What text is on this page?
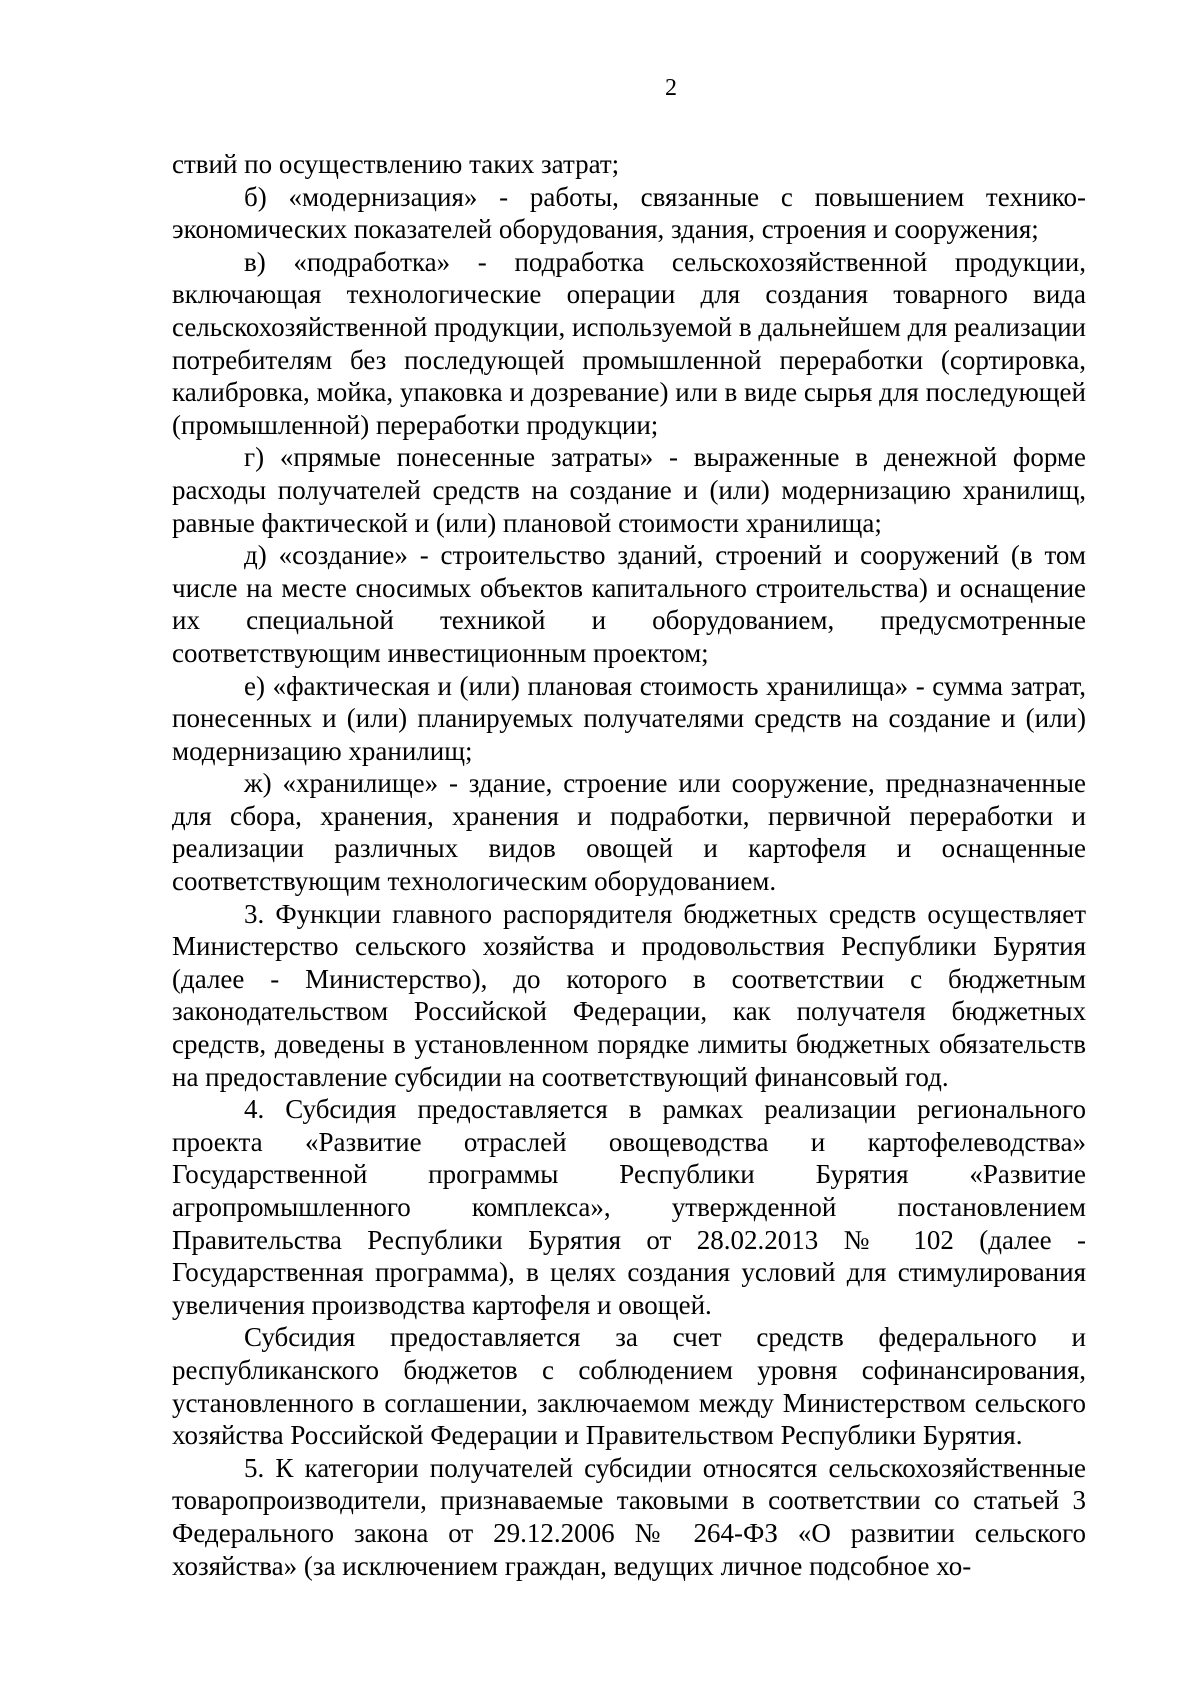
2

ствий по осуществлению таких затрат;

б) «модернизация» - работы, связанные с повышением технико-экономических показателей оборудования, здания, строения и сооружения;

в) «подработка» - подработка сельскохозяйственной продукции, включающая технологические операции для создания товарного вида сельскохозяйственной продукции, используемой в дальнейшем для реализации потребителям без последующей промышленной переработки (сортировка, калибровка, мойка, упаковка и дозревание) или в виде сырья для последующей (промышленной) переработки продукции;

г) «прямые понесенные затраты» - выраженные в денежной форме расходы получателей средств на создание и (или) модернизацию хранилищ, равные фактической и (или) плановой стоимости хранилища;

д) «создание» - строительство зданий, строений и сооружений (в том числе на месте сносимых объектов капитального строительства) и оснащение их специальной техникой и оборудованием, предусмотренные соответствующим инвестиционным проектом;

е) «фактическая и (или) плановая стоимость хранилища» - сумма затрат, понесенных и (или) планируемых получателями средств на создание и (или) модернизацию хранилищ;

ж) «хранилище» - здание, строение или сооружение, предназначенные для сбора, хранения, хранения и подработки, первичной переработки и реализации различных видов овощей и картофеля и оснащенные соответствующим технологическим оборудованием.

3. Функции главного распорядителя бюджетных средств осуществляет Министерство сельского хозяйства и продовольствия Республики Бурятия (далее - Министерство), до которого в соответствии с бюджетным законодательством Российской Федерации, как получателя бюджетных средств, доведены в установленном порядке лимиты бюджетных обязательств на предоставление субсидии на соответствующий финансовый год.

4. Субсидия предоставляется в рамках реализации регионального проекта «Развитие отраслей овощеводства и картофелеводства» Государственной программы Республики Бурятия «Развитие агропромышленного комплекса», утвержденной постановлением Правительства Республики Бурятия от 28.02.2013 № 102 (далее - Государственная программа), в целях создания условий для стимулирования увеличения производства картофеля и овощей.

Субсидия предоставляется за счет средств федерального и республиканского бюджетов с соблюдением уровня софинансирования, установленного в соглашении, заключаемом между Министерством сельского хозяйства Российской Федерации и Правительством Республики Бурятия.

5. К категории получателей субсидии относятся сельскохозяйственные товаропроизводители, признаваемые таковыми в соответствии со статьей 3 Федерального закона от 29.12.2006 № 264-ФЗ «О развитии сельского хозяйства» (за исключением граждан, ведущих личное подсобное хо-
